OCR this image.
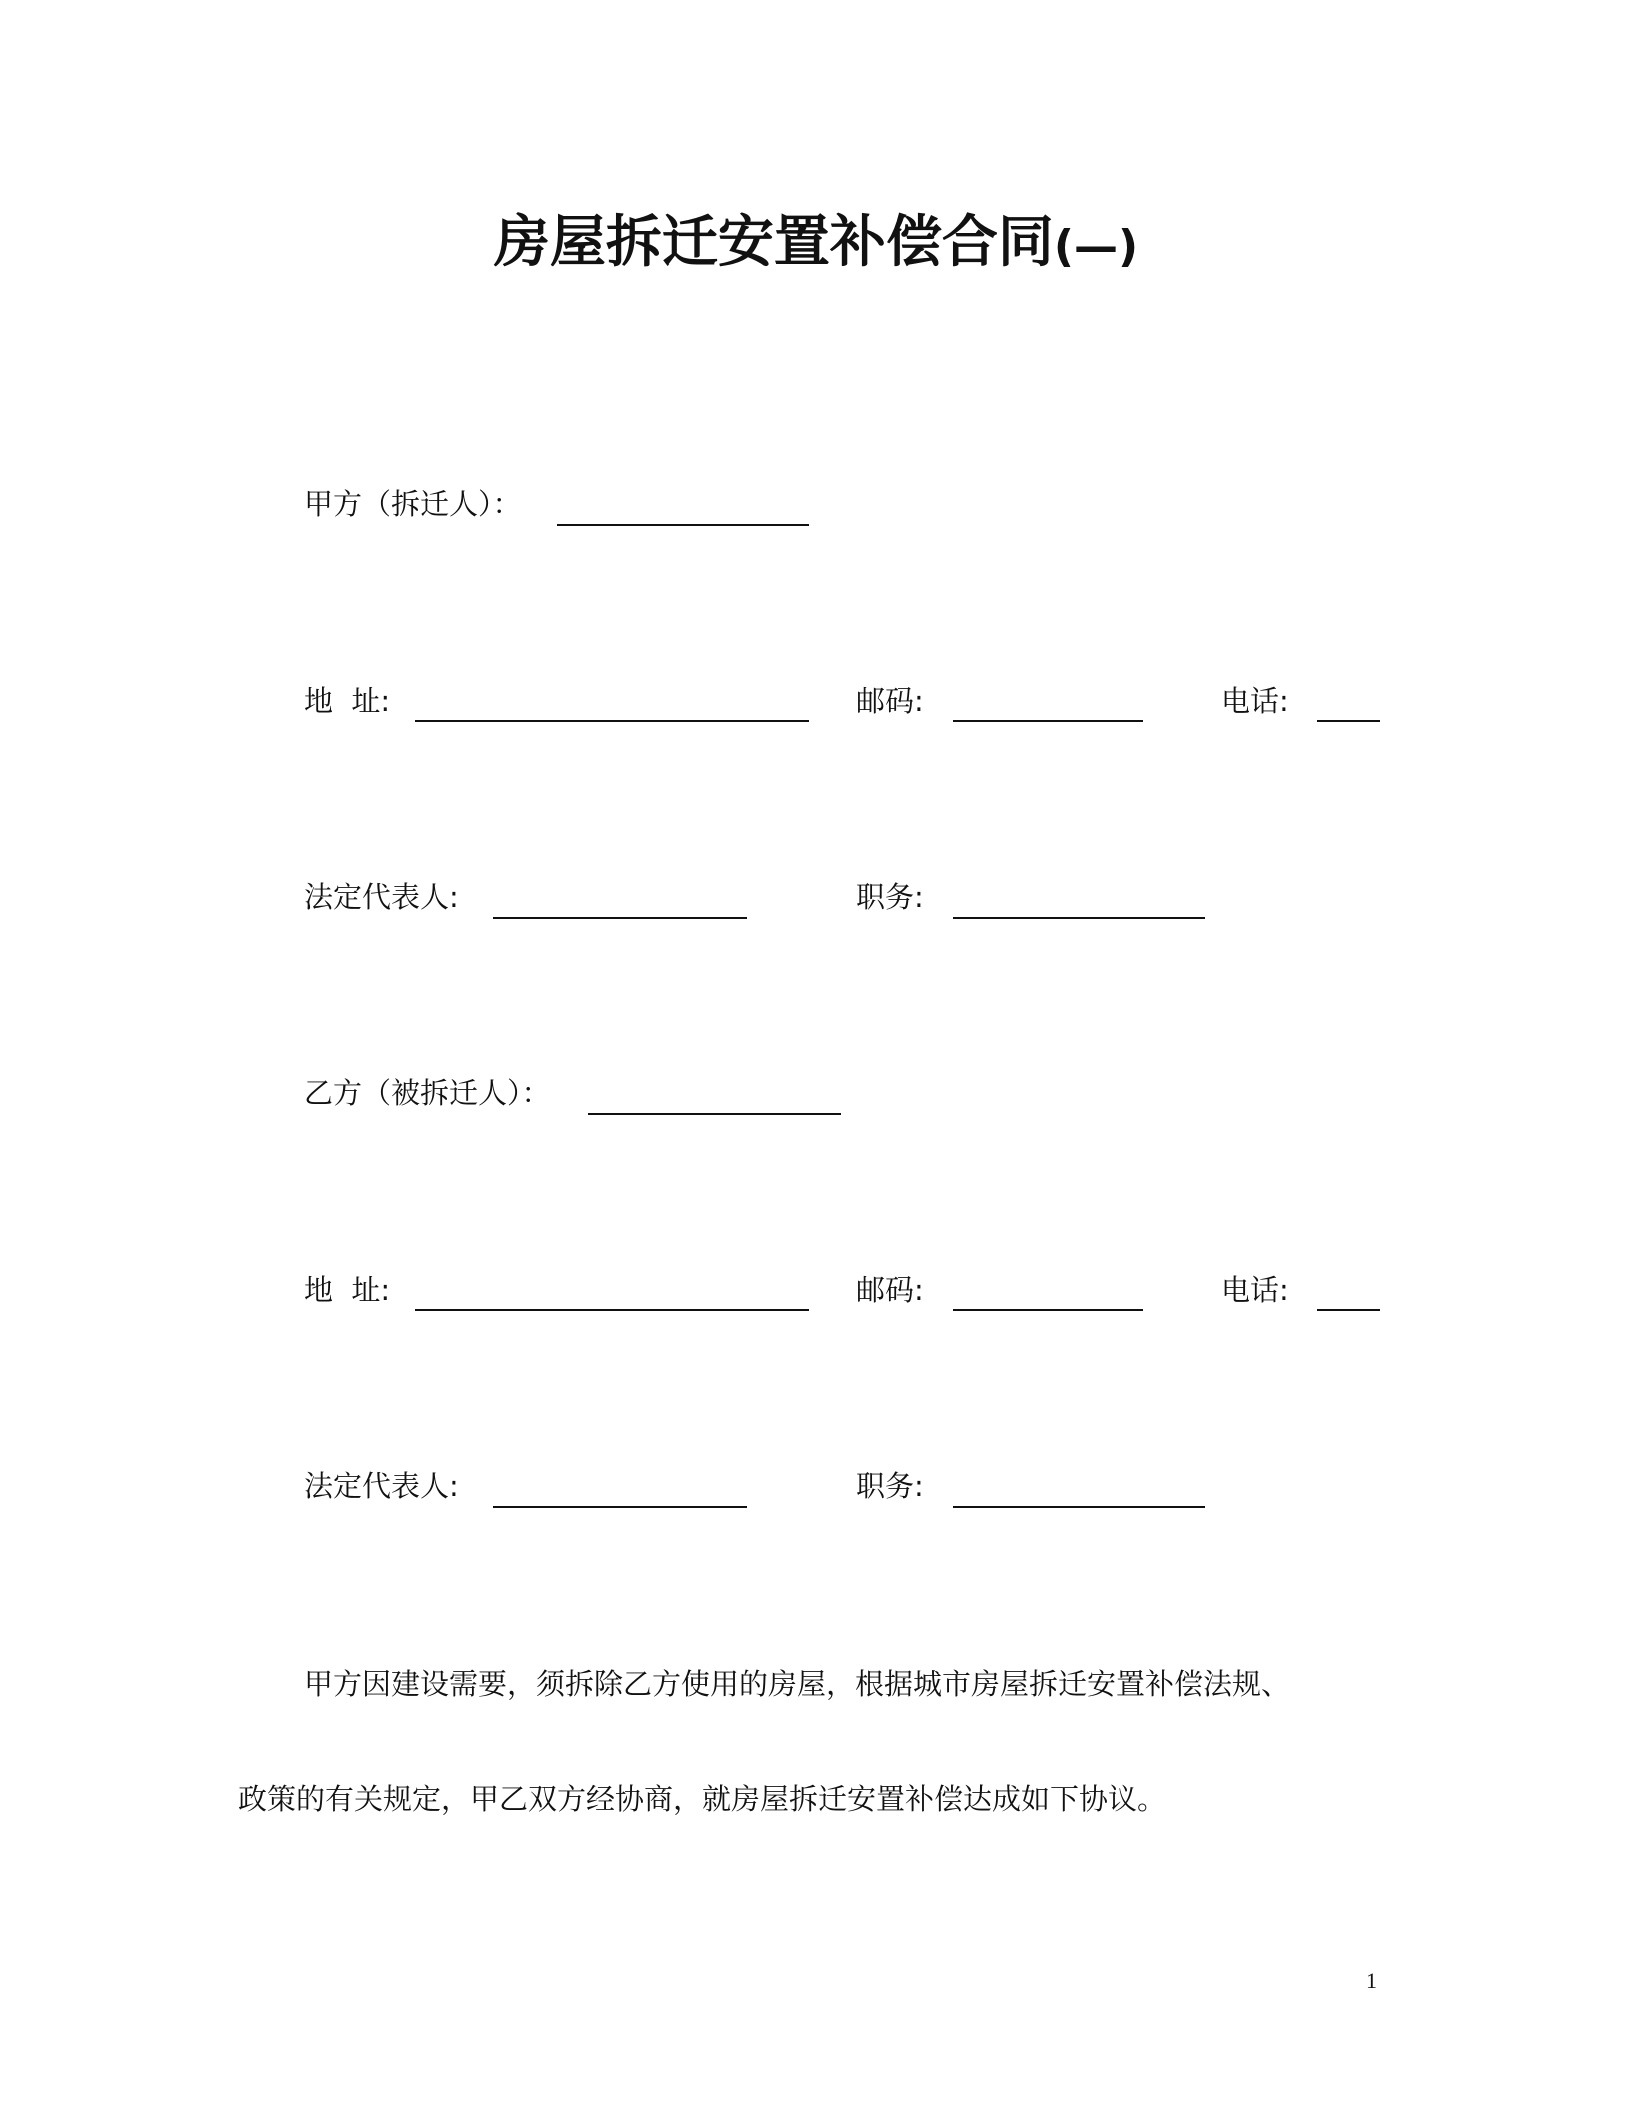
房屋拆迁安置补偿合同(—)
甲方（拆迁人）：
地  址:	邮码:	电话:
法定代表人:	职务:
乙方（被拆迁人）：
地  址:	邮码:	电话:
法定代表人:	职务:
甲方因建设需要，须拆除乙方使用的房屋，根据城市房屋拆迁安置补偿法规、
政策的有关规定，甲乙双方经协商，就房屋拆迁安置补偿达成如下协议。
1
